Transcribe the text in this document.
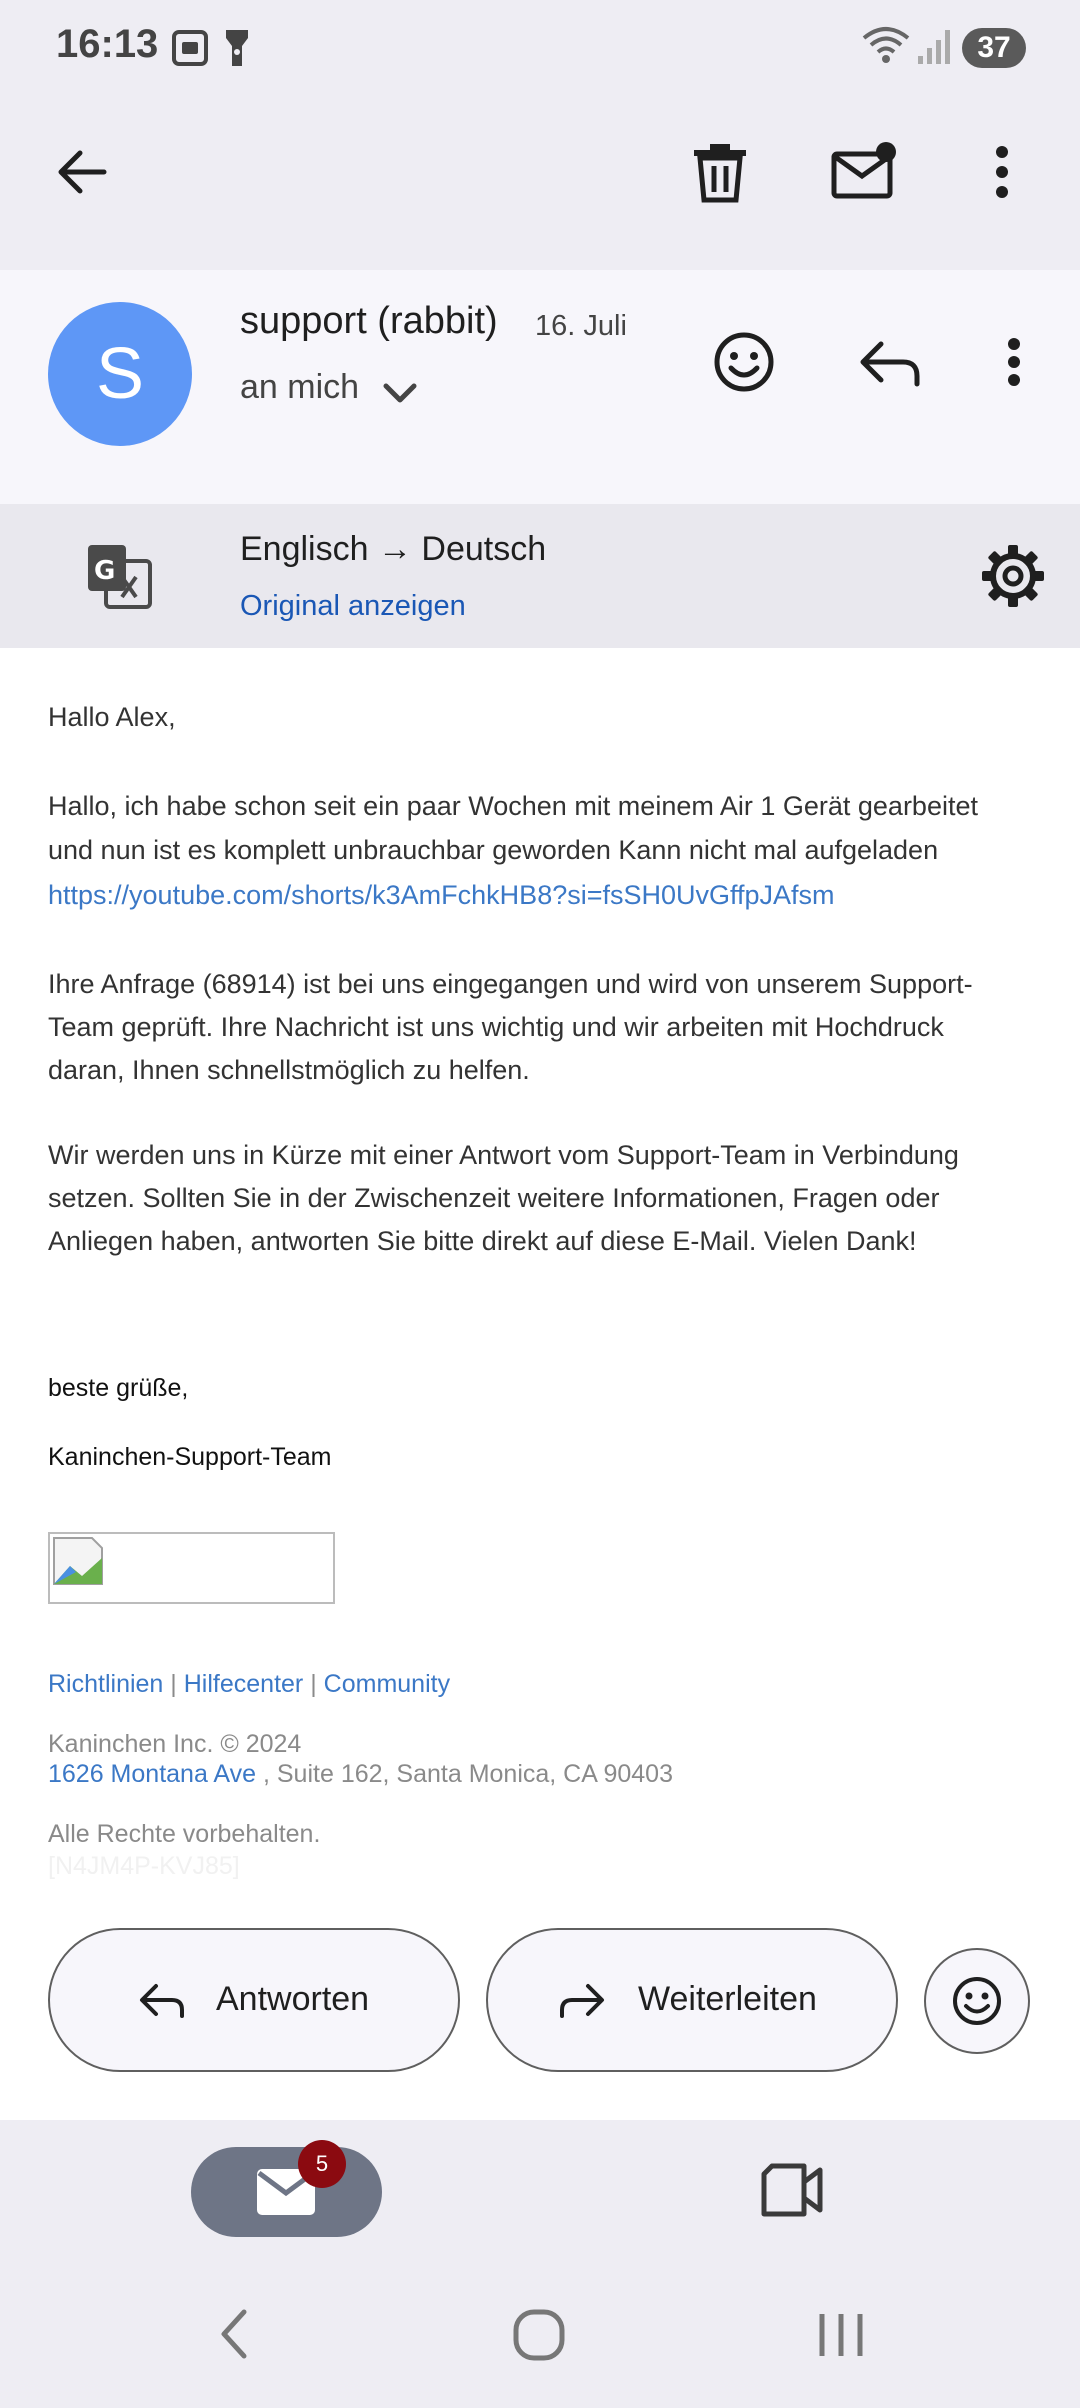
16:13	37
S
support (rabbit) 16. Juli
an mich
G
Englisch → Deutsch
Original anzeigen
Hallo Alex,
Hallo, ich habe schon seit ein paar Wochen mit meinem Air 1 Gerät gearbeitet
und nun ist es komplett unbrauchbar geworden Kann nicht mal aufgeladen
https://youtube.com/shorts/k3AmFchkHB8?si=fsSH0UvGffpJAfsm
Ihre Anfrage (68914) ist bei uns eingegangen und wird von unserem Support-
Team geprüft. Ihre Nachricht ist uns wichtig und wir arbeiten mit Hochdruck
daran, Ihnen schnellstmöglich zu helfen.
Wir werden uns in Kürze mit einer Antwort vom Support-Team in Verbindung
setzen. Sollten Sie in der Zwischenzeit weitere Informationen, Fragen oder
Anliegen haben, antworten Sie bitte direkt auf diese E-Mail. Vielen Dank!
beste grüße,
Kaninchen-Support-Team
Richtlinien | Hilfecenter | Community
Kaninchen Inc. © 2024
1626 Montana Ave , Suite 162, Santa Monica, CA 90403
Alle Rechte vorbehalten.
[N4JM4P-KVJ85]
Antworten	Weiterleiten
5
